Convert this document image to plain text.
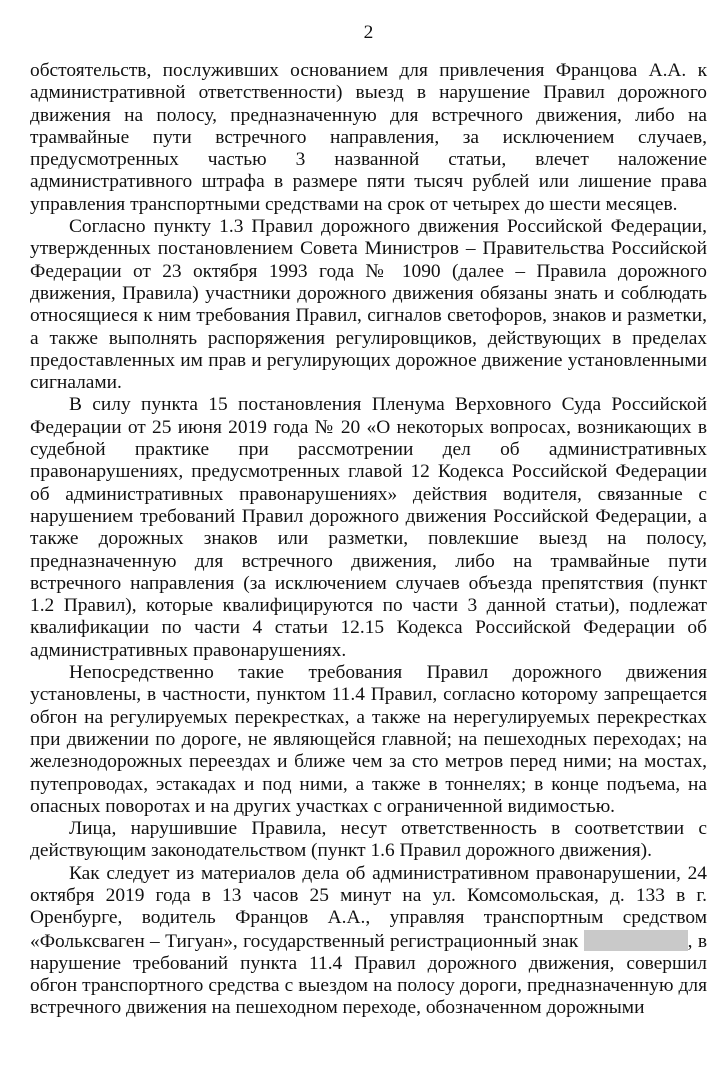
2

обстоятельств, послуживших основанием для привлечения Францова А.А. к административной ответственности) выезд в нарушение Правил дорожного движения на полосу, предназначенную для встречного движения, либо на трамвайные пути встречного направления, за исключением случаев, предусмотренных частью 3 названной статьи, влечет наложение административного штрафа в размере пяти тысяч рублей или лишение права управления транспортными средствами на срок от четырех до шести месяцев.

Согласно пункту 1.3 Правил дорожного движения Российской Федерации, утвержденных постановлением Совета Министров – Правительства Российской Федерации от 23 октября 1993 года № 1090 (далее – Правила дорожного движения, Правила) участники дорожного движения обязаны знать и соблюдать относящиеся к ним требования Правил, сигналов светофоров, знаков и разметки, а также выполнять распоряжения регулировщиков, действующих в пределах предоставленных им прав и регулирующих дорожное движение установленными сигналами.

В силу пункта 15 постановления Пленума Верховного Суда Российской Федерации от 25 июня 2019 года № 20 «О некоторых вопросах, возникающих в судебной практике при рассмотрении дел об административных правонарушениях, предусмотренных главой 12 Кодекса Российской Федерации об административных правонарушениях» действия водителя, связанные с нарушением требований Правил дорожного движения Российской Федерации, а также дорожных знаков или разметки, повлекшие выезд на полосу, предназначенную для встречного движения, либо на трамвайные пути встречного направления (за исключением случаев объезда препятствия (пункт 1.2 Правил), которые квалифицируются по части 3 данной статьи), подлежат квалификации по части 4 статьи 12.15 Кодекса Российской Федерации об административных правонарушениях.

Непосредственно такие требования Правил дорожного движения установлены, в частности, пунктом 11.4 Правил, согласно которому запрещается обгон на регулируемых перекрестках, а также на нерегулируемых перекрестках при движении по дороге, не являющейся главной; на пешеходных переходах; на железнодорожных переездах и ближе чем за сто метров перед ними; на мостах, путепроводах, эстакадах и под ними, а также в тоннелях; в конце подъема, на опасных поворотах и на других участках с ограниченной видимостью.

Лица, нарушившие Правила, несут ответственность в соответствии с действующим законодательством (пункт 1.6 Правил дорожного движения).

Как следует из материалов дела об административном правонарушении, 24 октября 2019 года в 13 часов 25 минут на ул. Комсомольская, д. 133 в г. Оренбурге, водитель Францов А.А., управляя транспортным средством «Фольксваген – Тигуан», государственный регистрационный знак	, в нарушение требований пункта 11.4 Правил дорожного движения, совершил обгон транспортного средства с выездом на полосу дороги, предназначенную для встречного движения на пешеходном переходе, обозначенном дорожными
